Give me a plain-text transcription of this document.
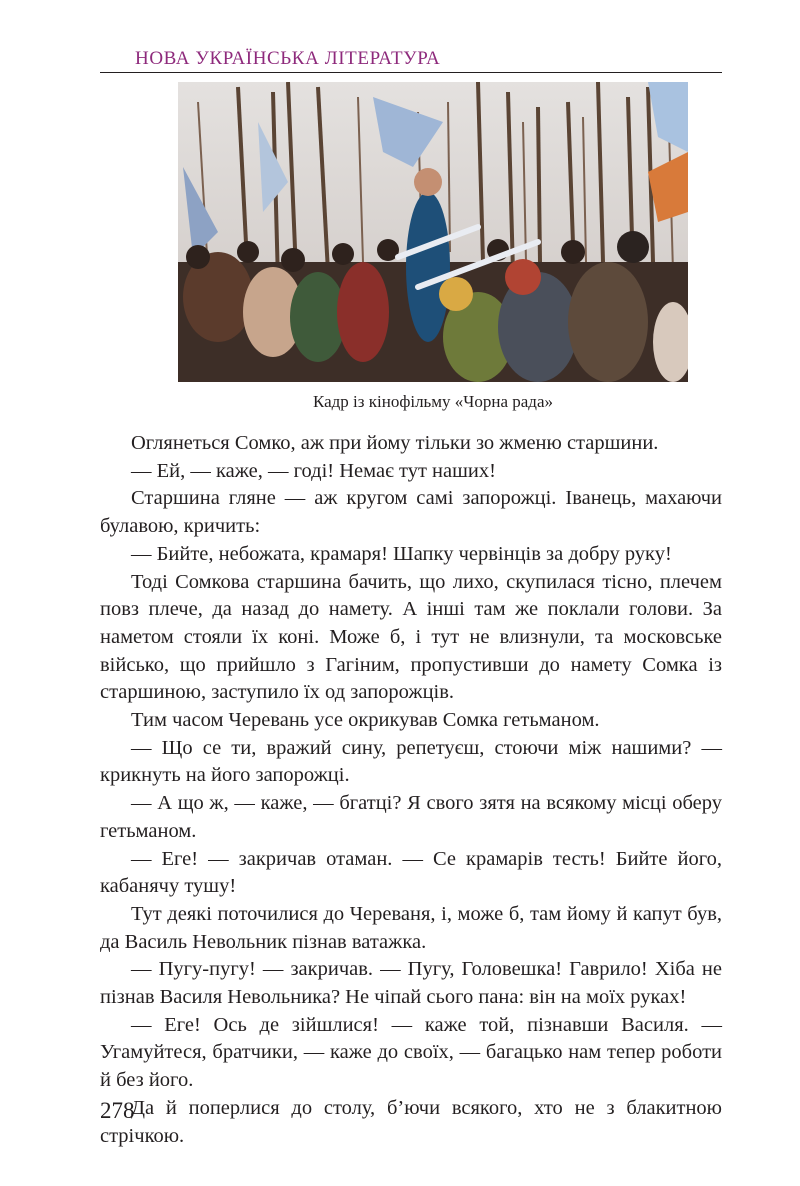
НОВА УКРАЇНСЬКА ЛІТЕРАТУРА
Кадр із кінофільму «Чорна рада»

Оглянеться Сомко, аж при йому тільки зо жменю старшини.

— Ей, — каже, — годі! Немає тут наших!

Старшина гляне — аж кругом самі запорожці. Іванець, махаючи булавою, кричить:

— Бийте, небожата, крамаря! Шапку червінців за добру руку!

Тоді Сомкова старшина бачить, що лихо, скупилася тісно, плечем повз плече, да назад до намету. А інші там же поклали голови. За наметом стояли їх коні. Може б, і тут не влизнули, та московське військо, що прийшло з Гагіним, пропустивши до намету Сомка із старшиною, заступило їх од запорожців.

Тим часом Черевань усе окрикував Сомка гетьманом.

— Що се ти, вражий сину, репетуєш, стоючи між нашими? — крикнуть на його запорожці.

— А що ж, — каже, — бгатці? Я свого зятя на всякому місці оберу гетьманом.

— Еге! — закричав отаман. — Се крамарів тесть! Бийте його, кабанячу тушу!

Тут деякі поточилися до Череваня, і, може б, там йому й капут був, да Василь Невольник пізнав ватажка.

— Пугу-пугу! — закричав. — Пугу, Головешка! Гаврило! Хіба не пізнав Василя Невольника? Не чіпай сього пана: він на моїх руках!

— Еге! Ось де зійшлися! — каже той, пізнавши Василя. — Угамуйтеся, братчики, — каже до своїх, — багацько нам тепер роботи й без його.

Да й поперлися до столу, б’ючи всякого, хто не з блакитною стрічкою.

278
